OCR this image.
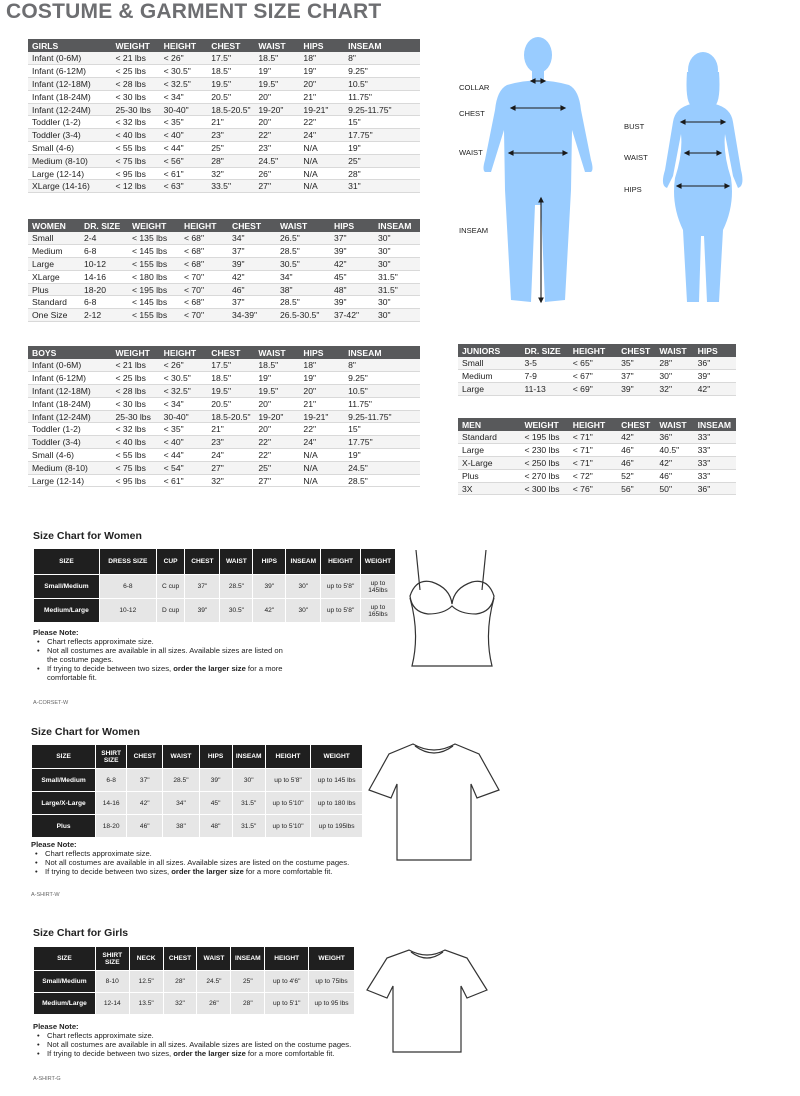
COSTUME & GARMENT SIZE CHART
GIRLS	WEIGHT	HEIGHT	CHEST	WAIST	HIPS	INSEAM
Infant (0-6M)	< 21 lbs	< 26"	17.5"	18.5"	18"	8"
Infant (6-12M)	< 25 lbs	< 30.5"	18.5"	19"	19"	9.25"
Infant (12-18M)	< 28 lbs	< 32.5"	19.5"	19.5"	20"	10.5"
Infant (18-24M)	< 30 lbs	< 34"	20.5"	20"	21"	11.75"
Infant (12-24M)	25-30 lbs	30-40"	18.5-20.5"	19-20"	19-21"	9.25-11.75"
Toddler (1-2)	< 32 lbs	< 35"	21"	20"	22"	15"
Toddler (3-4)	< 40 lbs	< 40"	23"	22"	24"	17.75"
Small (4-6)	< 55 lbs	< 44"	25"	23"	N/A	19"
Medium (8-10)	< 75 lbs	< 56"	28"	24.5"	N/A	25"
Large (12-14)	< 95 lbs	< 61"	32"	26"	N/A	28"
XLarge (14-16)	< 12 lbs	< 63"	33.5"	27"	N/A	31"
WOMEN	DR. SIZE	WEIGHT	HEIGHT	CHEST	WAIST	HIPS	INSEAM
Small	2-4	< 135 lbs	< 68"	34"	26.5"	37"	30"
Medium	6-8	< 145 lbs	< 68"	37"	28.5"	39"	30"
Large	10-12	< 155 lbs	< 68"	39"	30.5"	42"	30"
XLarge	14-16	< 180 lbs	< 70"	42"	34"	45"	31.5"
Plus	18-20	< 195 lbs	< 70"	46"	38"	48"	31.5"
Standard	6-8	< 145 lbs	< 68"	37"	28.5"	39"	30"
One Size	2-12	< 155 lbs	< 70"	34-39"	26.5-30.5"	37-42"	30"
BOYS	WEIGHT	HEIGHT	CHEST	WAIST	HIPS	INSEAM
Infant (0-6M)	< 21 lbs	< 26"	17.5"	18.5"	18"	8"
Infant (6-12M)	< 25 lbs	< 30.5"	18.5"	19"	19"	9.25"
Infant (12-18M)	< 28 lbs	< 32.5"	19.5"	19.5"	20"	10.5"
Infant (18-24M)	< 30 lbs	< 34"	20.5"	20"	21"	11.75"
Infant (12-24M)	25-30 lbs	30-40"	18.5-20.5"	19-20"	19-21"	9.25-11.75"
Toddler (1-2)	< 32 lbs	< 35"	21"	20"	22"	15"
Toddler (3-4)	< 40 lbs	< 40"	23"	22"	24"	17.75"
Small (4-6)	< 55 lbs	< 44"	24"	22"	N/A	19"
Medium (8-10)	< 75 lbs	< 54"	27"	25"	N/A	24.5"
Large (12-14)	< 95 lbs	< 61"	32"	27"	N/A	28.5"
JUNIORS	DR. SIZE	HEIGHT	CHEST	WAIST	HIPS
Small	3-5	< 65"	35"	28"	36"
Medium	7-9	< 67"	37"	30"	39"
Large	11-13	< 69"	39"	32"	42"
MEN	WEIGHT	HEIGHT	CHEST	WAIST	INSEAM
Standard	< 195 lbs	< 71"	42"	36"	33"
Large	< 230 lbs	< 71"	46"	40.5"	33"
X-Large	< 250 lbs	< 71"	46"	42"	33"
Plus	< 270 lbs	< 72"	52"	46"	33"
3X	< 300 lbs	< 76"	56"	50"	36"
COLLAR
CHEST
WAIST
INSEAM
BUST
WAIST
HIPS
Size Chart for Women
SIZE	DRESS SIZE	CUP	CHEST	WAIST	HIPS	INSEAM	HEIGHT	WEIGHT
Small/Medium	6-8	C cup	37"	28.5"	39"	30"	up to 5'8"	up to 145lbs
Medium/Large	10-12	D cup	39"	30.5"	42"	30"	up to 5'8"	up to 165lbs
Please Note:
• Chart reflects approximate size.
• Not all costumes are available in all sizes. Available sizes are listed on the costume pages.
• If trying to decide between two sizes, order the larger size for a more comfortable fit.
A-CORSET-W
Size Chart for Women
SIZE	SHIRT SIZE	CHEST	WAIST	HIPS	INSEAM	HEIGHT	WEIGHT
Small/Medium	6-8	37"	28.5"	39"	30"	up to 5'8"	up to 145 lbs
Large/X-Large	14-16	42"	34"	45"	31.5"	up to 5'10"	up to 180 lbs
Plus	18-20	46"	38"	48"	31.5"	up to 5'10"	up to 195lbs
Please Note:
• Chart reflects approximate size.
• Not all costumes are available in all sizes. Available sizes are listed on the costume pages.
• If trying to decide between two sizes, order the larger size for a more comfortable fit.
A-SHIRT-W
Size Chart for Girls
SIZE	SHIRT SIZE	NECK	CHEST	WAIST	INSEAM	HEIGHT	WEIGHT
Small/Medium	8-10	12.5"	28"	24.5"	25"	up to 4'6"	up to 75lbs
Medium/Large	12-14	13.5"	32"	26"	28"	up to 5'1"	up to 95 lbs
Please Note:
• Chart reflects approximate size.
• Not all costumes are available in all sizes. Available sizes are listed on the costume pages.
• If trying to decide between two sizes, order the larger size for a more comfortable fit.
A-SHIRT-G
